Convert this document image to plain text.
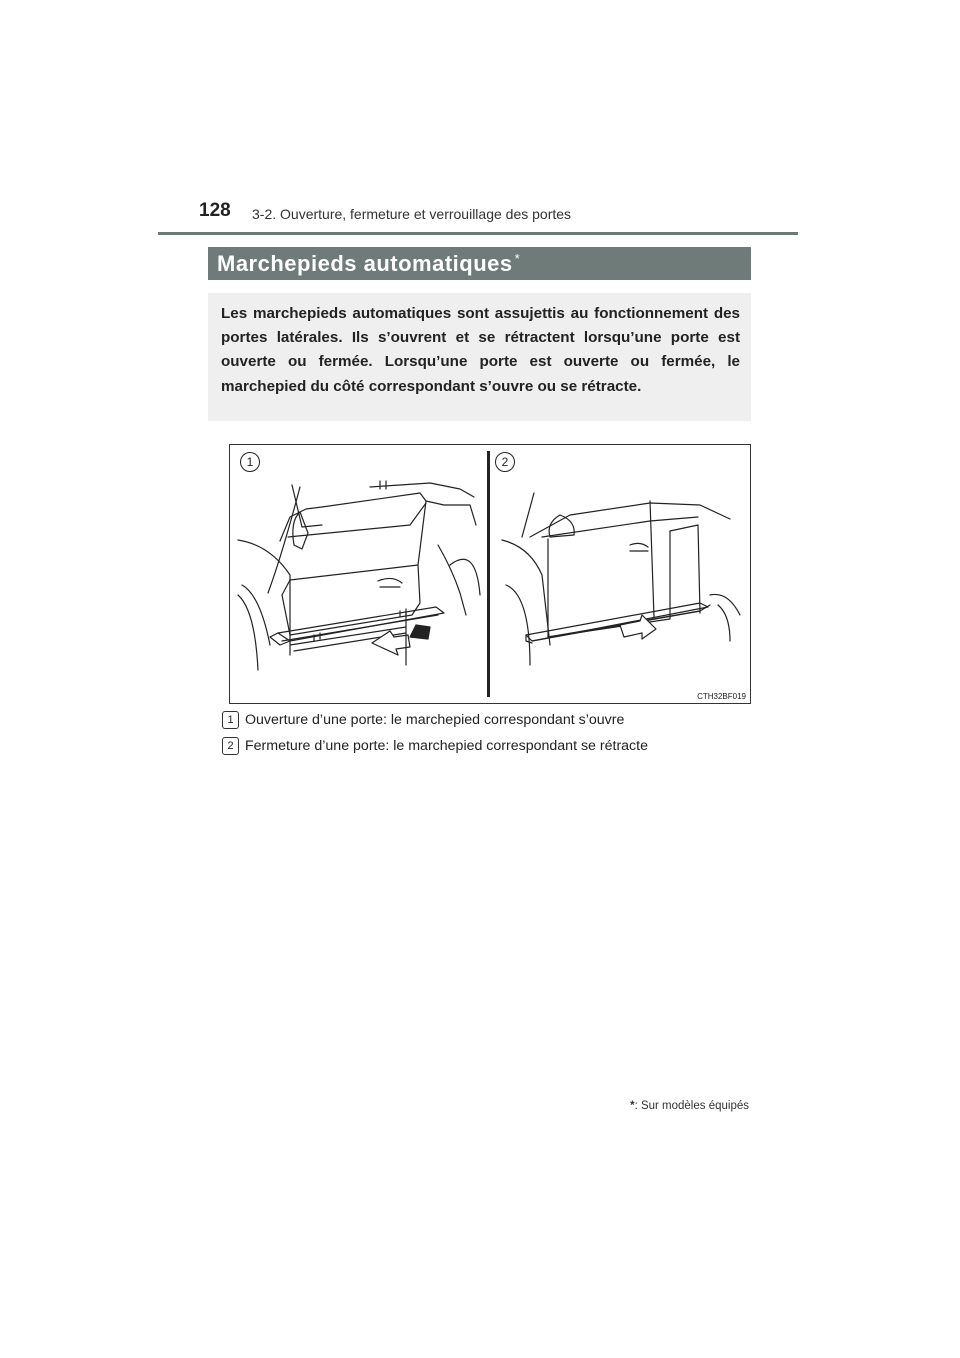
128 3-2. Ouverture, fermeture et verrouillage des portes
Marchepieds automatiques *
Les marchepieds automatiques sont assujettis au fonctionnement des portes latérales. Ils s’ouvrent et se rétractent lorsqu’une porte est ouverte ou fermée. Lorsqu’une porte est ouverte ou fermée, le marchepied du côté correspondant s’ouvre ou se rétracte.
1	2
CTH32BF019
1 Ouverture d’une porte: le marchepied correspondant s’ouvre
2 Fermeture d’une porte: le marchepied correspondant se rétracte
*: Sur modèles équipés
